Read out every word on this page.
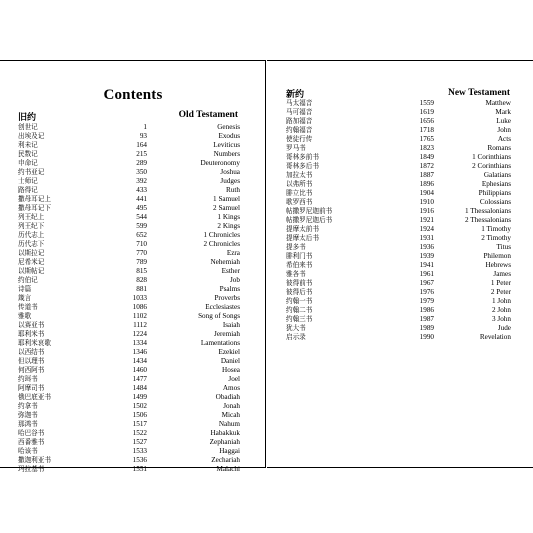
Contents
旧约	Old Testament
创世记	1	Genesis
出埃及记	93	Exodus
利未记	164	Leviticus
民数记	215	Numbers
申命记	289	Deuteronomy
约书亚记	350	Joshua
士师记	392	Judges
路得记	433	Ruth
撒母耳记上	441	1 Samuel
撒母耳记下	495	2 Samuel
列王纪上	544	1 Kings
列王纪下	599	2 Kings
历代志上	652	1 Chronicles
历代志下	710	2 Chronicles
以斯拉记	770	Ezra
尼希米记	789	Nehemiah
以斯帖记	815	Esther
约伯记	828	Job
诗篇	881	Psalms
箴言	1033	Proverbs
传道书	1086	Ecclesiastes
雅歌	1102	Song of Songs
以赛亚书	1112	Isaiah
耶利米书	1224	Jeremiah
耶利米哀歌	1334	Lamentations
以西结书	1346	Ezekiel
但以理书	1434	Daniel
何西阿书	1460	Hosea
约珥书	1477	Joel
阿摩司书	1484	Amos
俄巴底亚书	1499	Obadiah
约拿书	1502	Jonah
弥迦书	1506	Micah
那鸿书	1517	Nahum
哈巴谷书	1522	Habakkuk
西番雅书	1527	Zephaniah
哈该书	1533	Haggai
撒迦利亚书	1536	Zechariah
玛拉基书	1551	Malachi
新约	New Testament
马太福音	1559	Matthew
马可福音	1619	Mark
路加福音	1656	Luke
约翰福音	1718	John
使徒行传	1765	Acts
罗马书	1823	Romans
哥林多前书	1849	1 Corinthians
哥林多后书	1872	2 Corinthians
加拉太书	1887	Galatians
以弗所书	1896	Ephesians
腓立比书	1904	Philippians
歌罗西书	1910	Colossians
帖撒罗尼迦前书	1916	1 Thessalonians
帖撒罗尼迦后书	1921	2 Thessalonians
提摩太前书	1924	1 Timothy
提摩太后书	1931	2 Timothy
提多书	1936	Titus
腓利门书	1939	Philemon
希伯来书	1941	Hebrews
雅各书	1961	James
彼得前书	1967	1 Peter
彼得后书	1976	2 Peter
约翰一书	1979	1 John
约翰二书	1986	2 John
约翰三书	1987	3 John
犹大书	1989	Jude
启示录	1990	Revelation
